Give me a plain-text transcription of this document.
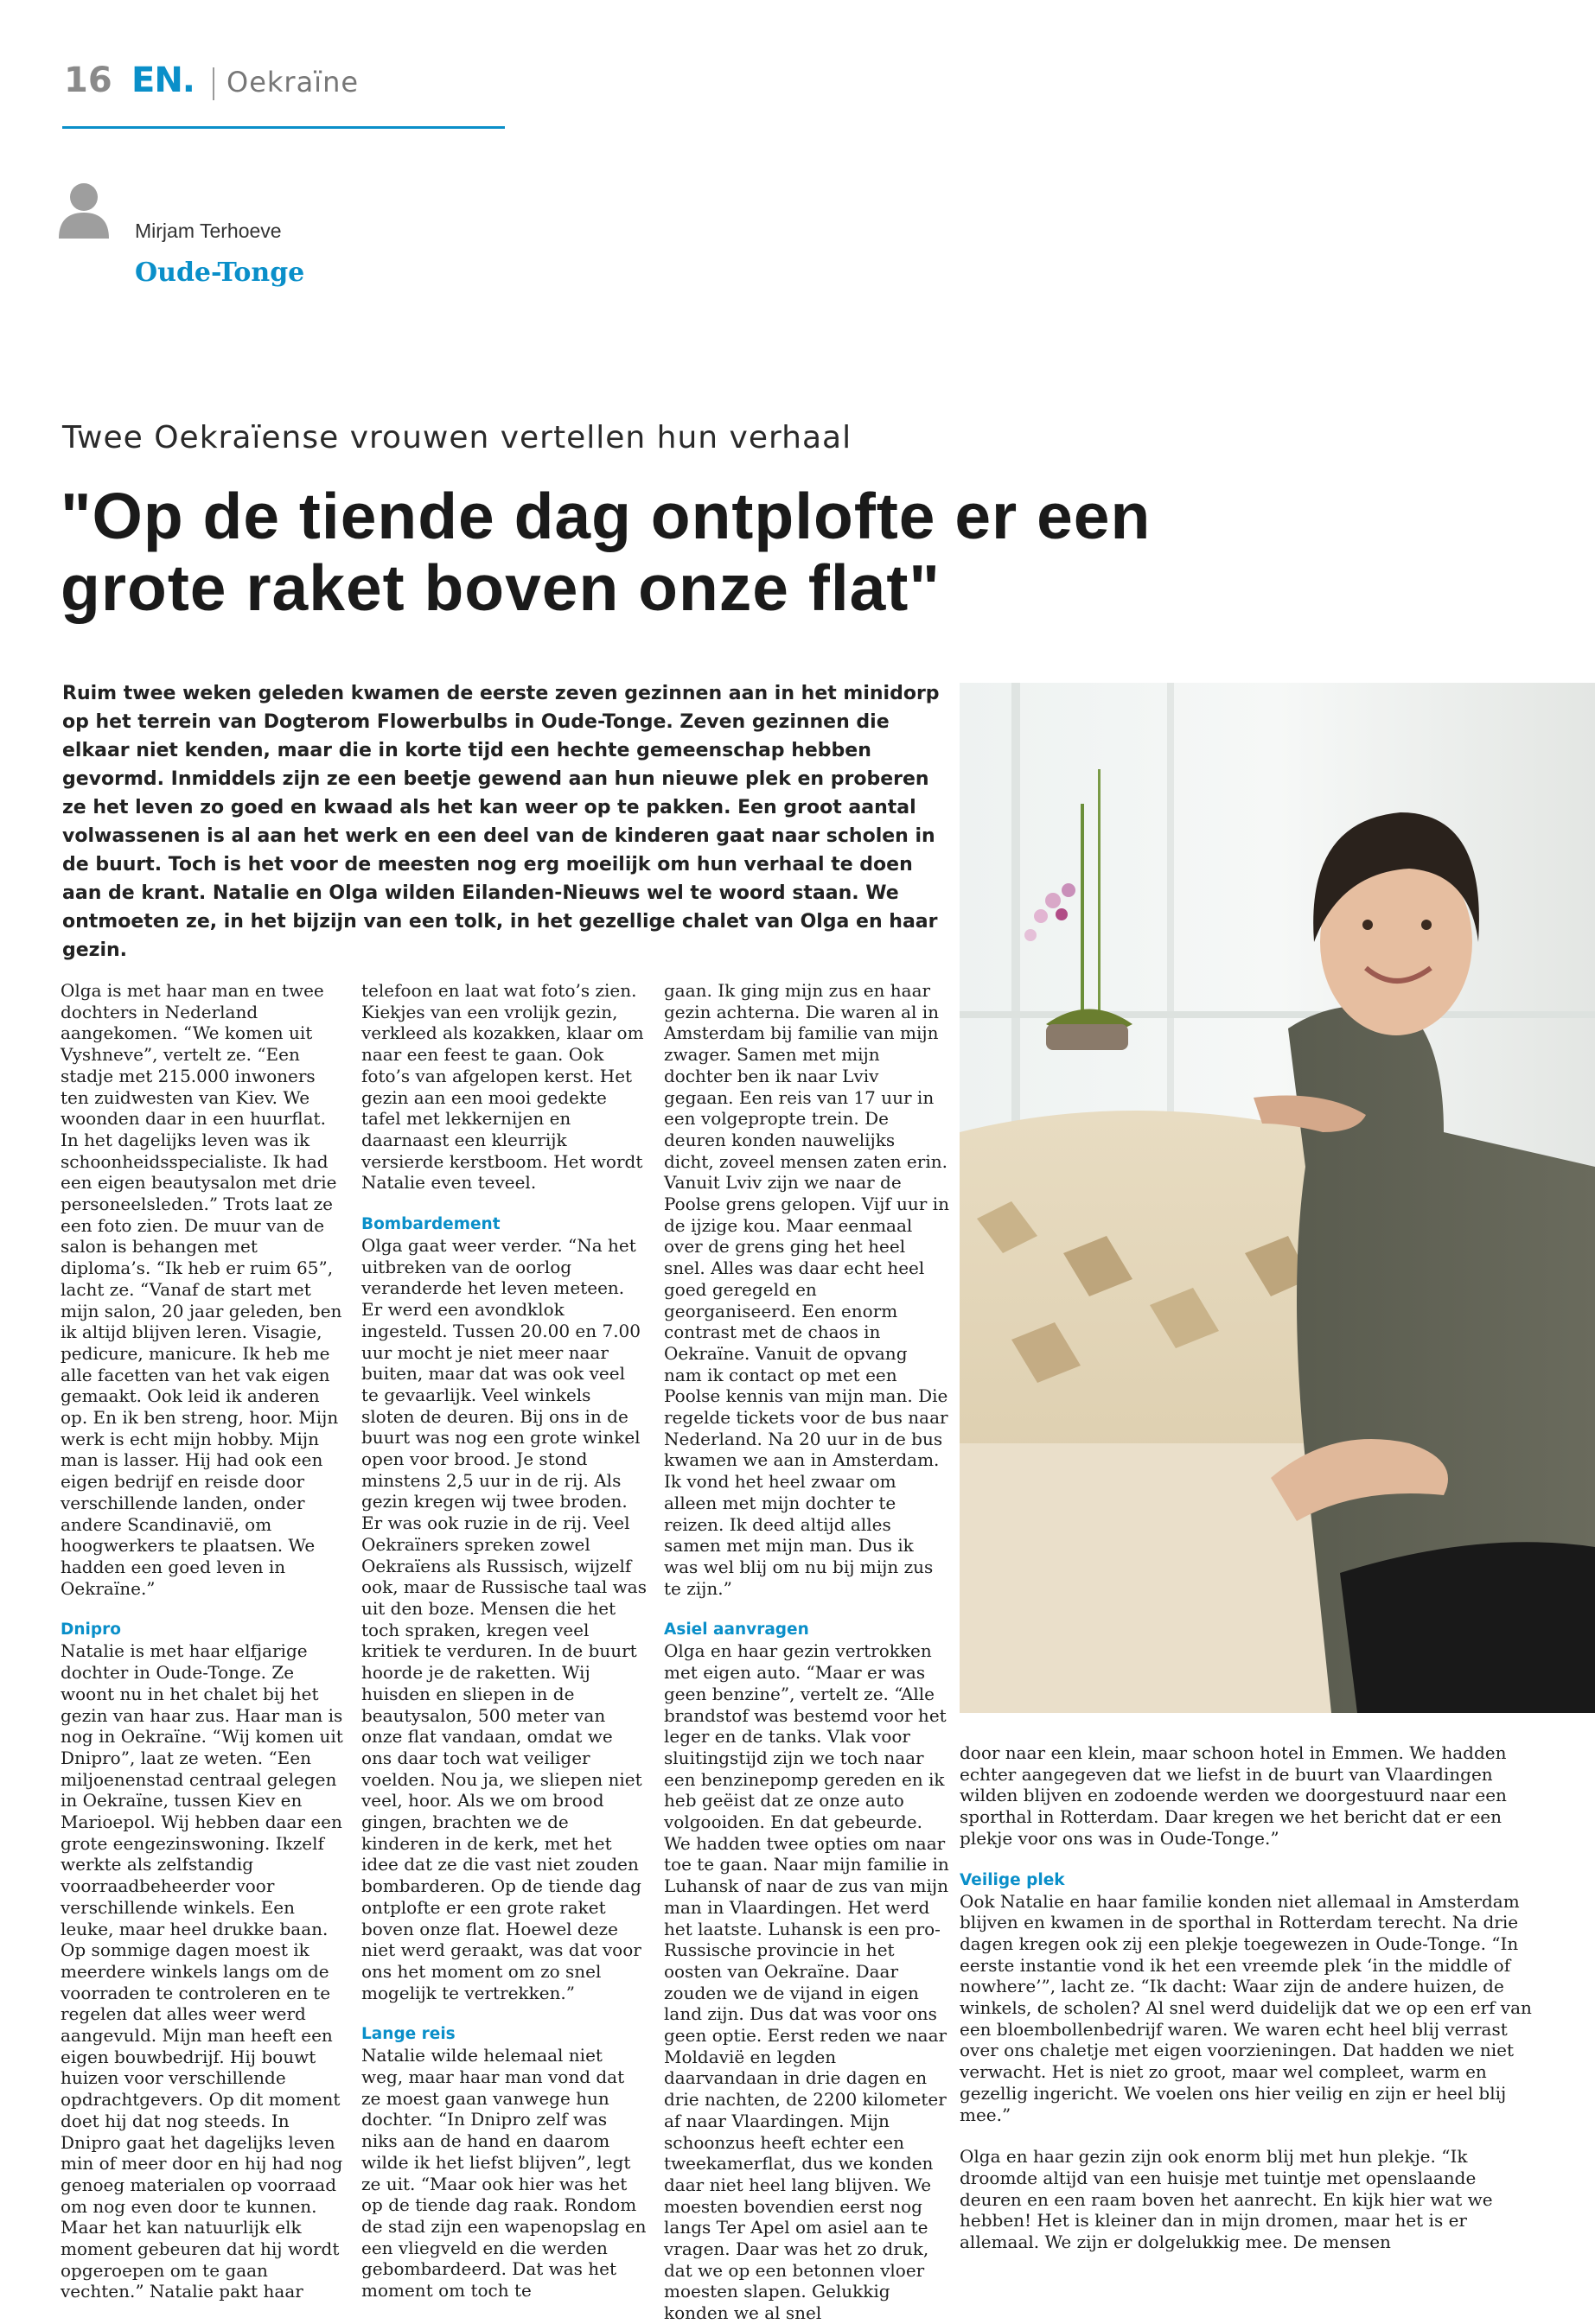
16 EN. Oekraïne
Mirjam Terhoeve
Oude-Tonge
Twee Oekraïense vrouwen vertellen hun verhaal
"Op de tiende dag ontplofte er een grote raket boven onze flat"
Ruim twee weken geleden kwamen de eerste zeven gezinnen aan in het minidorp op het terrein van Dogterom Flowerbulbs in Oude-Tonge. Zeven gezinnen die elkaar niet kenden, maar die in korte tijd een hechte gemeenschap hebben gevormd. Inmiddels zijn ze een beetje gewend aan hun nieuwe plek en proberen ze het leven zo goed en kwaad als het kan weer op te pakken. Een groot aantal volwassenen is al aan het werk en een deel van de kinderen gaat naar scholen in de buurt. Toch is het voor de meesten nog erg moeilijk om hun verhaal te doen aan de krant. Natalie en Olga wilden Eilanden-Nieuws wel te woord staan. We ontmoeten ze, in het bijzijn van een tolk, in het gezellige chalet van Olga en haar gezin.

Olga is met haar man en twee dochters in Nederland aangekomen. “We komen uit Vyshneve”, vertelt ze. “Een stadje met 215.000 inwoners ten zuidwesten van Kiev. We woonden daar in een huurflat. In het dagelijks leven was ik schoonheidsspecialiste. Ik had een eigen beautysalon met drie personeelsleden.” Trots laat ze een foto zien. De muur van de salon is behangen met diploma’s. “Ik heb er ruim 65”, lacht ze. “Vanaf de start met mijn salon, 20 jaar geleden, ben ik altijd blijven leren. Visagie, pedicure, manicure. Ik heb me alle facetten van het vak eigen gemaakt. Ook leid ik anderen op. En ik ben streng, hoor. Mijn werk is echt mijn hobby. Mijn man is lasser. Hij had ook een eigen bedrijf en reisde door verschillende landen, onder andere Scandinavië, om hoogwerkers te plaatsen. We hadden een goed leven in Oekraïne.”

Dnipro

Natalie is met haar elfjarige dochter in Oude-Tonge. Ze woont nu in het chalet bij het gezin van haar zus. Haar man is nog in Oekraïne. “Wij komen uit Dnipro”, laat ze weten. “Een miljoenenstad centraal gelegen in Oekraïne, tussen Kiev en Marioepol. Wij hebben daar een grote eengezinswoning. Ikzelf werkte als zelfstandig voorraadbeheerder voor verschillende winkels. Een leuke, maar heel drukke baan. Op sommige dagen moest ik meerdere winkels langs om de voorraden te controleren en te regelen dat alles weer werd aangevuld. Mijn man heeft een eigen bouwbedrijf. Hij bouwt huizen voor verschillende opdrachtgevers. Op dit moment doet hij dat nog steeds. In Dnipro gaat het dagelijks leven min of meer door en hij had nog genoeg materialen op voorraad om nog even door te kunnen. Maar het kan natuurlijk elk moment gebeuren dat hij wordt opgeroepen om te gaan vechten.” Natalie pakt haar

telefoon en laat wat foto’s zien. Kiekjes van een vrolijk gezin, verkleed als kozakken, klaar om naar een feest te gaan. Ook foto’s van afgelopen kerst. Het gezin aan een mooi gedekte tafel met lekkernijen en daarnaast een kleurrijk versierde kerstboom. Het wordt Natalie even teveel.

Bombardement

Olga gaat weer verder. “Na het uitbreken van de oorlog veranderde het leven meteen. Er werd een avondklok ingesteld. Tussen 20.00 en 7.00 uur mocht je niet meer naar buiten, maar dat was ook veel te gevaarlijk. Veel winkels sloten de deuren. Bij ons in de buurt was nog een grote winkel open voor brood. Je stond minstens 2,5 uur in de rij. Als gezin kregen wij twee broden. Er was ook ruzie in de rij. Veel Oekraïners spreken zowel Oekraïens als Russisch, wijzelf ook, maar de Russische taal was uit den boze. Mensen die het toch spraken, kregen veel kritiek te verduren. In de buurt hoorde je de raketten. Wij huisden en sliepen in de beautysalon, 500 meter van onze flat vandaan, omdat we ons daar toch wat veiliger voelden. Nou ja, we sliepen niet veel, hoor. Als we om brood gingen, brachten we de kinderen in de kerk, met het idee dat ze die vast niet zouden bombarderen. Op de tiende dag ontplofte er een grote raket boven onze flat. Hoewel deze niet werd geraakt, was dat voor ons het moment om zo snel mogelijk te vertrekken.”

Lange reis

Natalie wilde helemaal niet weg, maar haar man vond dat ze moest gaan vanwege hun dochter. “In Dnipro zelf was niks aan de hand en daarom wilde ik het liefst blijven”, legt ze uit. “Maar ook hier was het op de tiende dag raak. Rondom de stad zijn een wapenopslag en een vliegveld en die werden gebombardeerd. Dat was het moment om toch te

gaan. Ik ging mijn zus en haar gezin achterna. Die waren al in Amsterdam bij familie van mijn zwager. Samen met mijn dochter ben ik naar Lviv gegaan. Een reis van 17 uur in een volgepropte trein. De deuren konden nauwelijks dicht, zoveel mensen zaten erin. Vanuit Lviv zijn we naar de Poolse grens gelopen. Vijf uur in de ijzige kou. Maar eenmaal over de grens ging het heel snel. Alles was daar echt heel goed geregeld en georganiseerd. Een enorm contrast met de chaos in Oekraïne. Vanuit de opvang nam ik contact op met een Poolse kennis van mijn man. Die regelde tickets voor de bus naar Nederland. Na 20 uur in de bus kwamen we aan in Amsterdam. Ik vond het heel zwaar om alleen met mijn dochter te reizen. Ik deed altijd alles samen met mijn man. Dus ik was wel blij om nu bij mijn zus te zijn.”

Asiel aanvragen

Olga en haar gezin vertrokken met eigen auto. “Maar er was geen benzine”, vertelt ze. “Alle brandstof was bestemd voor het leger en de tanks. Vlak voor sluitingstijd zijn we toch naar een benzinepomp gereden en ik heb geëist dat ze onze auto volgooiden. En dat gebeurde. We hadden twee opties om naar toe te gaan. Naar mijn familie in Luhansk of naar de zus van mijn man in Vlaardingen. Het werd het laatste. Luhansk is een pro-Russische provincie in het oosten van Oekraïne. Daar zouden we de vijand in eigen land zijn. Dus dat was voor ons geen optie. Eerst reden we naar Moldavië en legden daarvandaan in drie dagen en drie nachten, de 2200 kilometer af naar Vlaardingen. Mijn schoonzus heeft echter een tweekamerflat, dus we konden daar niet heel lang blijven. We moesten bovendien eerst nog langs Ter Apel om asiel aan te vragen. Daar was het zo druk, dat we op een betonnen vloer moesten slapen. Gelukkig konden we al snel

door naar een klein, maar schoon hotel in Emmen. We hadden echter aangegeven dat we liefst in de buurt van Vlaardingen wilden blijven en zodoende werden we doorgestuurd naar een sporthal in Rotterdam. Daar kregen we het bericht dat er een plekje voor ons was in Oude-Tonge.”

Veilige plek

Ook Natalie en haar familie konden niet allemaal in Amsterdam blijven en kwamen in de sporthal in Rotterdam terecht. Na drie dagen kregen ook zij een plekje toegewezen in Oude-Tonge. “In eerste instantie vond ik het een vreemde plek ‘in the middle of nowhere’”, lacht ze. “Ik dacht: Waar zijn de andere huizen, de winkels, de scholen? Al snel werd duidelijk dat we op een erf van een bloembollenbedrijf waren. We waren echt heel blij verrast over ons chaletje met eigen voorzieningen. Dat hadden we niet verwacht. Het is niet zo groot, maar wel compleet, warm en gezellig ingericht. We voelen ons hier veilig en zijn er heel blij mee.”

Olga en haar gezin zijn ook enorm blij met hun plekje. “Ik droomde altijd van een huisje met tuintje met openslaande deuren en een raam boven het aanrecht. En kijk hier wat we hebben! Het is kleiner dan in mijn dromen, maar het is er allemaal. We zijn er dolgelukkig mee. De mensen
